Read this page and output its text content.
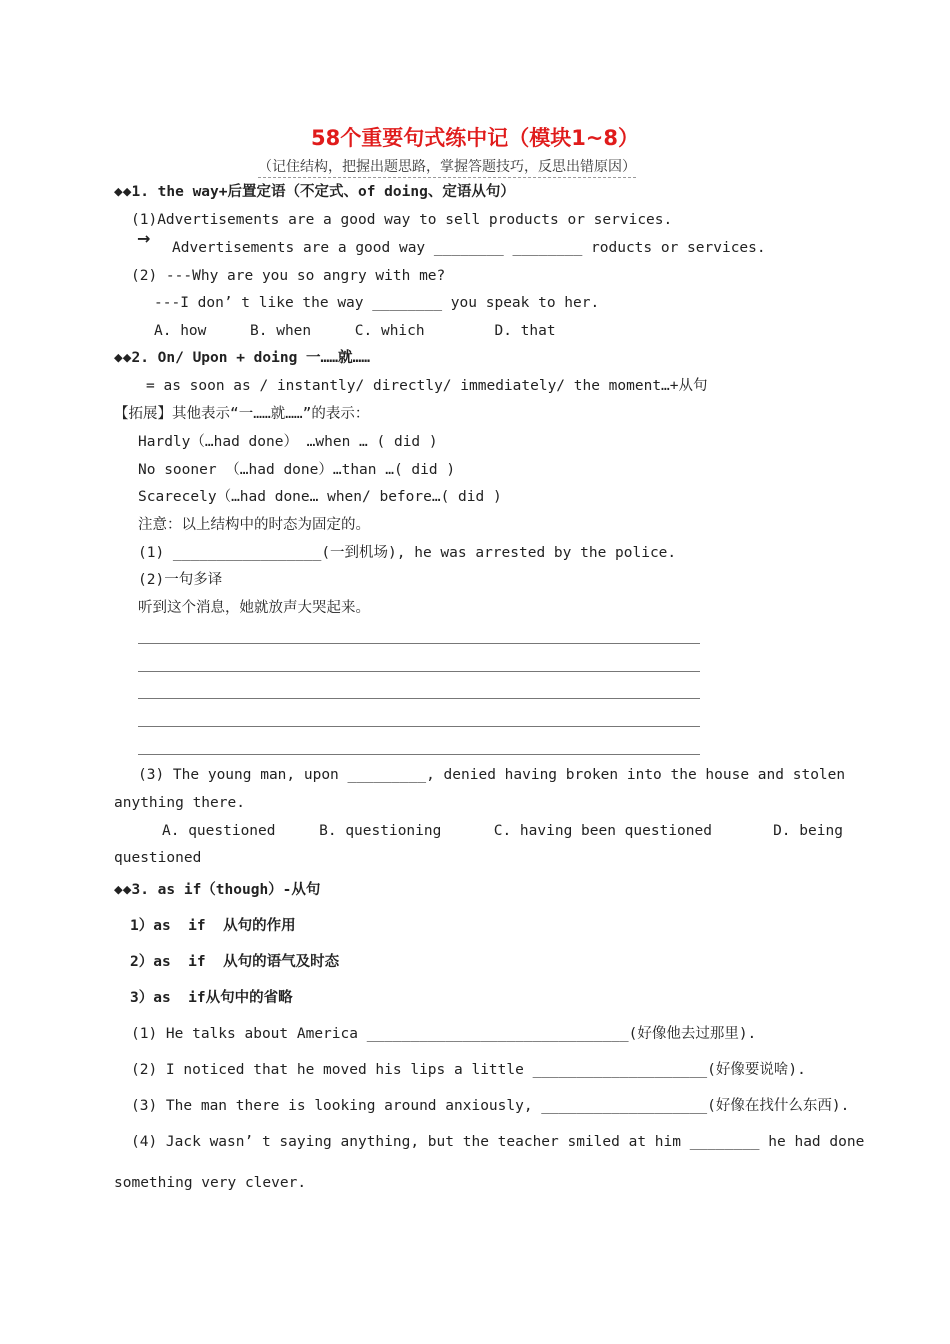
58个重要句式练中记（模块1~8）
（记住结构，把握出题思路，掌握答题技巧，反思出错原因）
◆◆1. the way+后置定语（不定式、of doing、定语从句）
(1)Advertisements are a good way to sell products or services.
→ Advertisements are a good way ________ ________ roducts or services.
(2) ---Why are you so angry with me?
---I don’ t like the way ________ you speak to her.
A. how     B. when     C. which        D. that
◆◆2. On/ Upon + doing 一……就……
= as soon as / instantly/ directly/ immediately/ the moment…+从句
【拓展】其他表示“一……就……”的表示：
Hardly（…had done） …when … ( did )
No sooner （…had done）…than …( did )
Scarecely（…had done… when/ before…( did )
注意：以上结构中的时态为固定的。
(1) _________________(一到机场), he was arrested by the police.
(2)一句多译
听到这个消息，她就放声大哭起来。
(3) The young man, upon _________, denied having broken into the house and stolen
anything there.
A. questioned     B. questioning      C. having been questioned       D. being
questioned
◆◆3. as if（though）-从句
1）as  if  从句的作用
2）as  if  从句的语气及时态
3）as  if从句中的省略
(1) He talks about America ______________________________(好像他去过那里).
(2) I noticed that he moved his lips a little ____________________(好像要说啥).
(3) The man there is looking around anxiously, ___________________(好像在找什么东西).
(4) Jack wasn’ t saying anything, but the teacher smiled at him ________ he had done
something very clever.
